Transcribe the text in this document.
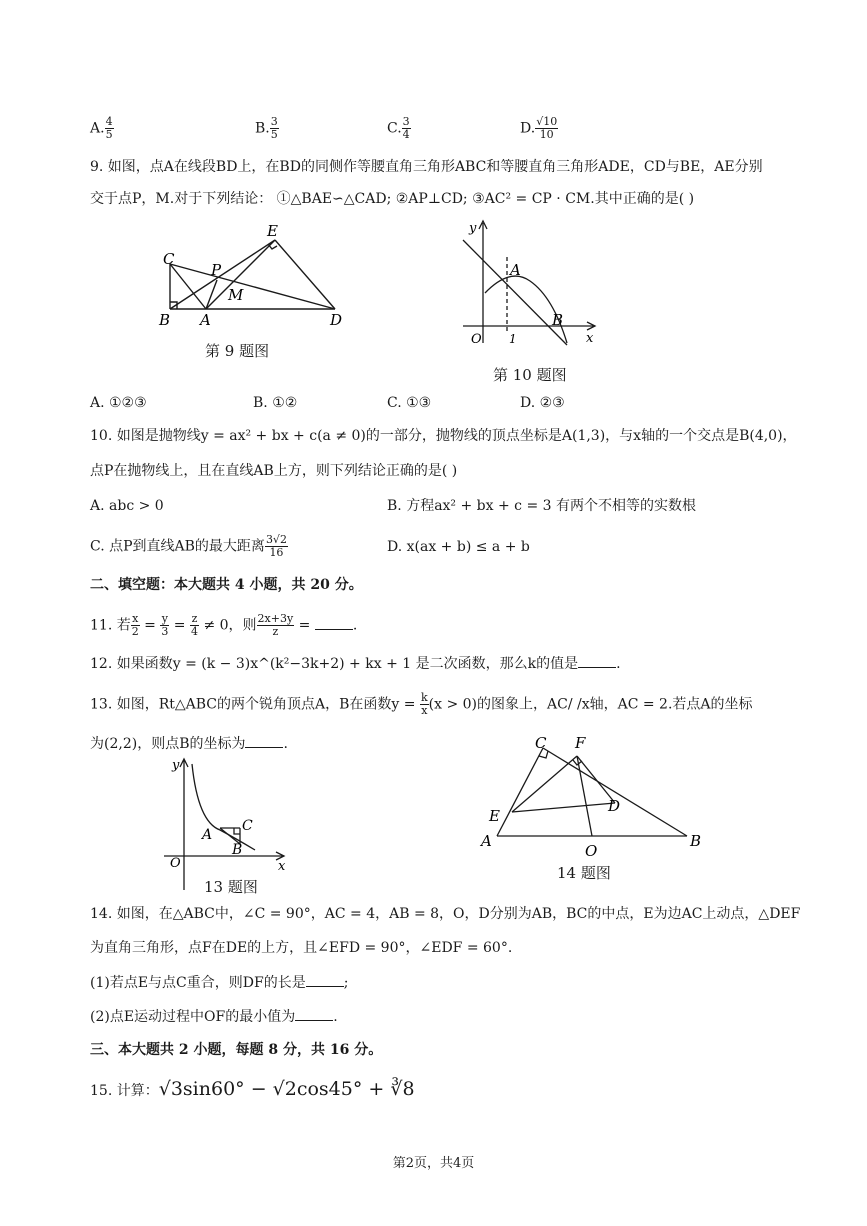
A. $\frac{4}{5}$	B. $\frac{3}{5}$	C. $\frac{3}{4}$	D. $\frac{√10}{10}$
9. 如图，点A在线段BD上，在BD的同侧作等腰直角三角形ABC和等腰直角三角形ADE，CD与BE，AE分别
交于点P，M.对于下列结论： ①△BAE∽△CAD; ②AP⊥CD; ③AC² = CP · CM.其中正确的是( )
C
E
P
M
B A	D
第 9 题图
y
A
B
O 1	x
第 10 题图
A. ①②③	B. ①②	C. ①③	D. ②③
10. 如图是抛物线y = ax² + bx + c(a ≠ 0)的一部分，抛物线的顶点坐标是A(1,3)，与x轴的一个交点是B(4,0)，
点P在抛物线上，且在直线AB上方，则下列结论正确的是( )
A. abc > 0	B. 方程ax² + bx + c = 3 有两个不相等的实数根
C. 点P到直线AB的最大距离 $\frac{3√2}{16}$	D. x(ax + b) ≤ a + b
二、填空题：本大题共 4 小题，共 20 分。
11. 若 $\frac{x}{2} = \frac{y}{3} = \frac{z}{4} \ne 0$，则 $\frac{2x+3y}{z}$ =	.
12. 如果函数y = (k − 3)x^(k²−3k+2) + kx + 1 是二次函数，那么k的值是	.
13. 如图，Rt△ABC的两个锐角顶点A，B在函数$y = \frac{k}{x} (x > 0)$的图象上，AC/ /x轴，AC = 2.若点A的坐标
为(2,2)，则点B的坐标为	.
y
A
B
C
O	x
13 题图
C F
E
D
A
O
B
14 题图
14. 如图，在△ABC中，∠C = 90°，AC = 4，AB = 8，O，D分别为AB，BC的中点，E为边AC上动点，△DEF
为直角三角形，点F在DE的上方，且∠EFD = 90°，∠EDF = 60°.
(1)若点E与点C重合，则DF的长是	;
(2)点E运动过程中OF的最小值为	.
三、本大题共 2 小题，每题 8 分，共 16 分。
15. 计算：√3sin60° − √2cos45° + ∛8
第2页，共4页
